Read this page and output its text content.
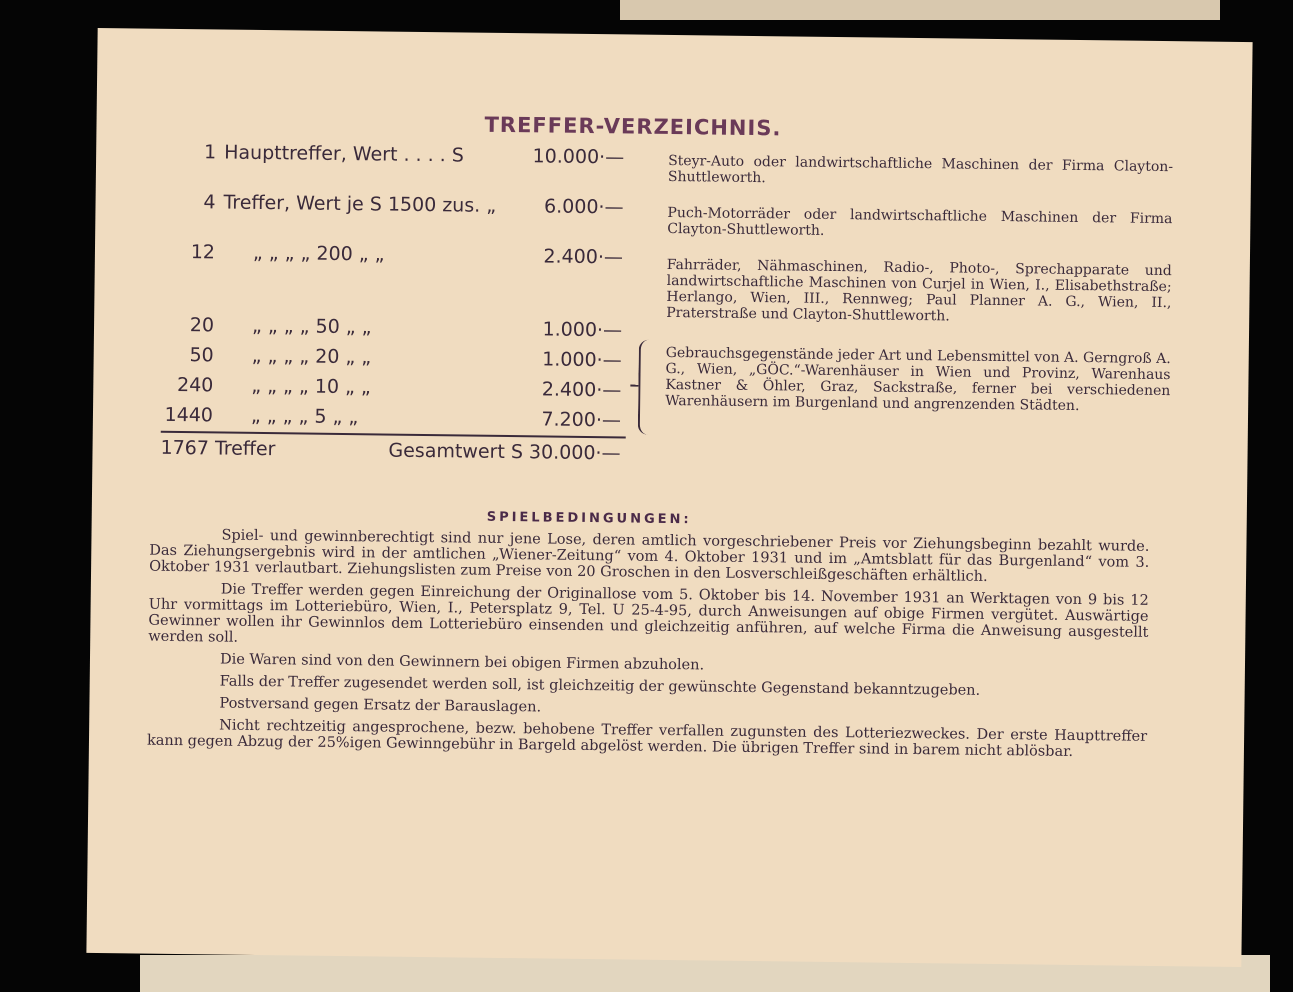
TREFFER-VERZEICHNIS.
1 Haupttreffer, Wert . . . . S	10.000·—
4 Treffer, Wert je S 1500 zus. „	6.000·—
12 „ „ „ „ 200 „ „	2.400·—
20 „ „ „ „ 50 „ „	1.000·—
50 „ „ „ „ 20 „ „	1.000·—
240 „ „ „ „ 10 „ „	2.400·—
1440 „ „ „ „ 5 „ „	7.200·—
1767 Treffer	Gesamtwert S 30.000·—
Steyr-Auto oder landwirtschaftliche Maschinen der Firma Clayton-Shuttleworth.
Puch-Motorräder oder landwirtschaftliche Maschinen der Firma Clayton-Shuttleworth.
Fahrräder, Nähmaschinen, Radio-, Photo-, Sprechapparate und landwirtschaftliche Maschinen von Curjel in Wien, I., Elisabethstraße; Herlango, Wien, III., Rennweg; Paul Planner A. G., Wien, II., Praterstraße und Clayton-Shuttleworth.
Gebrauchsgegenstände jeder Art und Lebensmittel von A. Gerngroß A. G., Wien, „GÖC.“-Warenhäuser in Wien und Provinz, Warenhaus Kastner & Öhler, Graz, Sackstraße, ferner bei verschiedenen Warenhäusern im Burgenland und angrenzenden Städten.
SPIELBEDINGUNGEN:

Spiel- und gewinnberechtigt sind nur jene Lose, deren amtlich vorgeschriebener Preis vor Ziehungsbeginn bezahlt wurde. Das Ziehungsergebnis wird in der amtlichen „Wiener-Zeitung“ vom 4. Oktober 1931 und im „Amtsblatt für das Burgenland“ vom 3. Oktober 1931 verlautbart. Ziehungslisten zum Preise von 20 Groschen in den Losverschleißgeschäften erhältlich.

Die Treffer werden gegen Einreichung der Originallose vom 5. Oktober bis 14. November 1931 an Werktagen von 9 bis 12 Uhr vormittags im Lotteriebüro, Wien, I., Petersplatz 9, Tel. U 25-4-95, durch Anweisungen auf obige Firmen vergütet. Auswärtige Gewinner wollen ihr Gewinnlos dem Lotteriebüro einsenden und gleichzeitig anführen, auf welche Firma die Anweisung ausgestellt werden soll.

Die Waren sind von den Gewinnern bei obigen Firmen abzuholen.

Falls der Treffer zugesendet werden soll, ist gleichzeitig der gewünschte Gegenstand bekanntzugeben.

Postversand gegen Ersatz der Barauslagen.

Nicht rechtzeitig angesprochene, bezw. behobene Treffer verfallen zugunsten des Lotteriezweckes. Der erste Haupttreffer kann gegen Abzug der 25%igen Gewinngebühr in Bargeld abgelöst werden. Die übrigen Treffer sind in barem nicht ablösbar.
